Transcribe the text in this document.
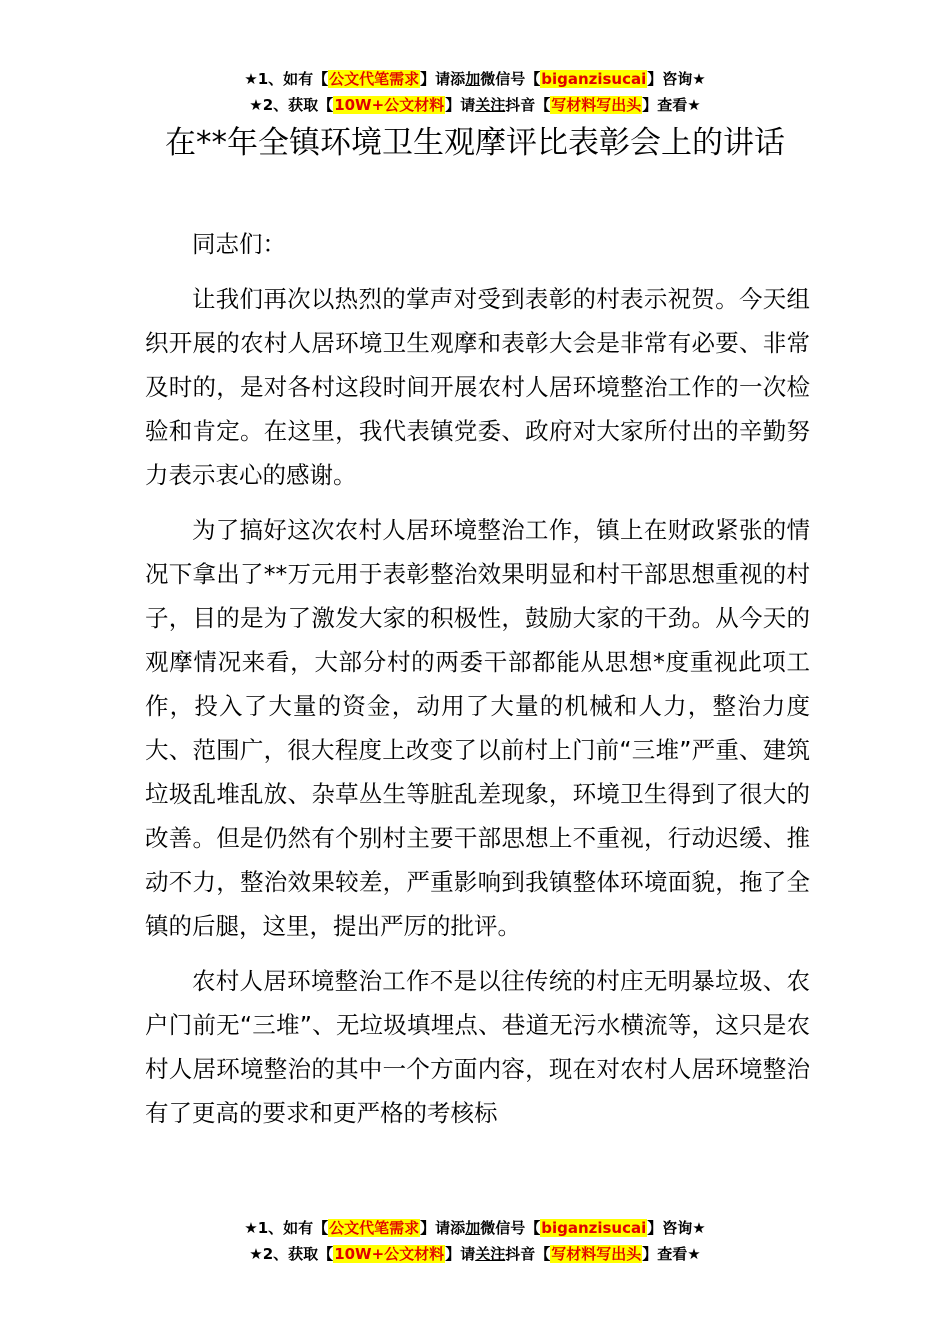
★1、如有【公文代笔需求】请添加微信号【biganzisucai】咨询★
★2、获取【10W+公文材料】请关注抖音【写材料写出头】查看★
在**年全镇环境卫生观摩评比表彰会上的讲话

同志们：

让我们再次以热烈的掌声对受到表彰的村表示祝贺。今天组织开展的农村人居环境卫生观摩和表彰大会是非常有必要、非常及时的，是对各村这段时间开展农村人居环境整治工作的一次检验和肯定。在这里，我代表镇党委、政府对大家所付出的辛勤努力表示衷心的感谢。

为了搞好这次农村人居环境整治工作，镇上在财政紧张的情况下拿出了**万元用于表彰整治效果明显和村干部思想重视的村子，目的是为了激发大家的积极性，鼓励大家的干劲。从今天的观摩情况来看，大部分村的两委干部都能从思想*度重视此项工作，投入了大量的资金，动用了大量的机械和人力，整治力度大、范围广，很大程度上改变了以前村上门前“三堆”严重、建筑垃圾乱堆乱放、杂草丛生等脏乱差现象，环境卫生得到了很大的改善。但是仍然有个别村主要干部思想上不重视，行动迟缓、推动不力，整治效果较差，严重影响到我镇整体环境面貌，拖了全镇的后腿，这里，提出严厉的批评。

农村人居环境整治工作不是以往传统的村庄无明暴垃圾、农户门前无“三堆”、无垃圾填埋点、巷道无污水横流等，这只是农村人居环境整治的其中一个方面内容，现在对农村人居环境整治有了更高的要求和更严格的考核标

★1、如有【公文代笔需求】请添加微信号【biganzisucai】咨询★
★2、获取【10W+公文材料】请关注抖音【写材料写出头】查看★
